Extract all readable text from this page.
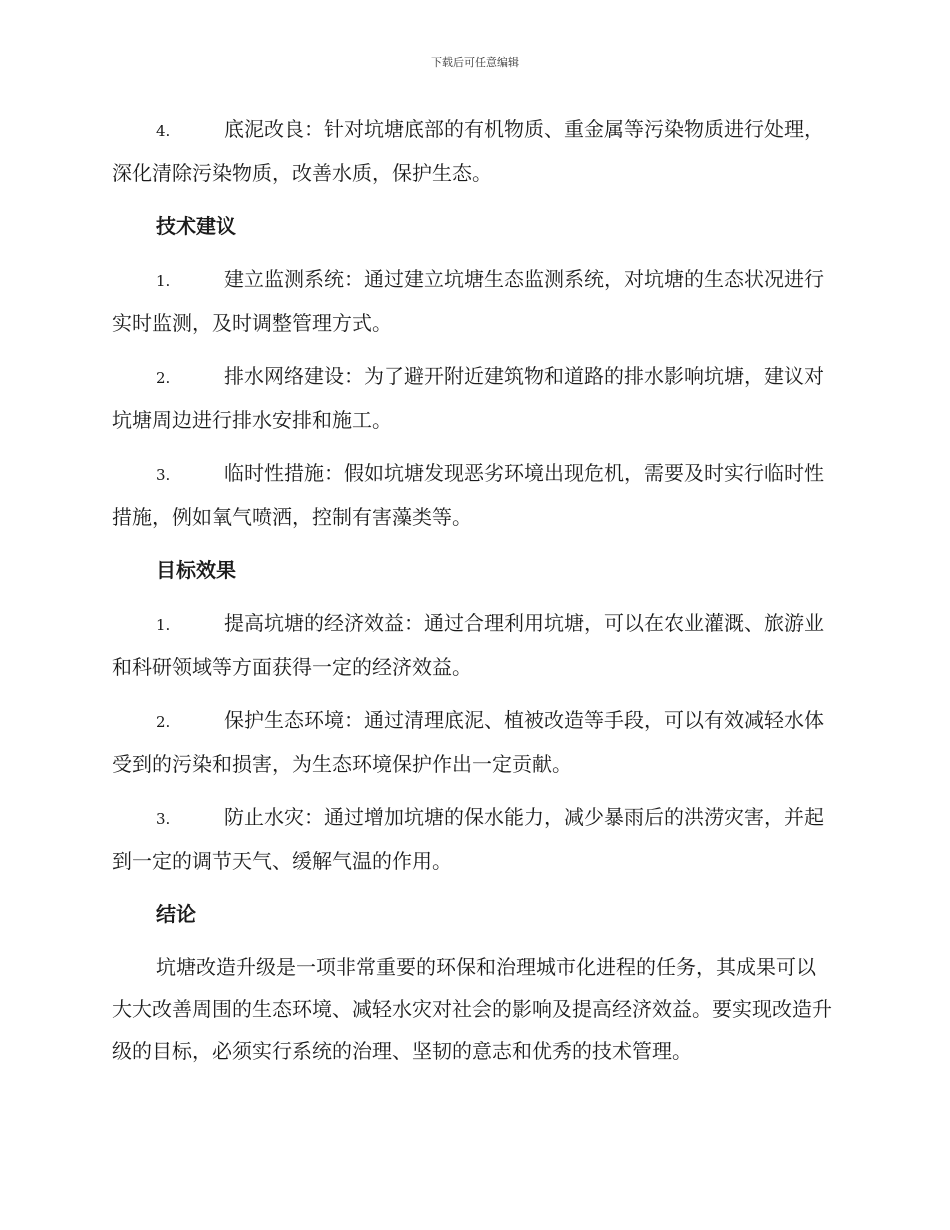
下载后可任意编辑
4.	底泥改良：针对坑塘底部的有机物质、重金属等污染物质进行处理，深化清除污染物质，改善水质，保护生态。
技术建议
1.	建立监测系统：通过建立坑塘生态监测系统，对坑塘的生态状况进行实时监测，及时调整管理方式。
2.	排水网络建设：为了避开附近建筑物和道路的排水影响坑塘，建议对坑塘周边进行排水安排和施工。
3.	临时性措施：假如坑塘发现恶劣环境出现危机，需要及时实行临时性措施，例如氧气喷洒，控制有害藻类等。
目标效果
1.	提高坑塘的经济效益：通过合理利用坑塘，可以在农业灌溉、旅游业和科研领域等方面获得一定的经济效益。
2.	保护生态环境：通过清理底泥、植被改造等手段，可以有效减轻水体受到的污染和损害，为生态环境保护作出一定贡献。
3.	防止水灾：通过增加坑塘的保水能力，减少暴雨后的洪涝灾害，并起到一定的调节天气、缓解气温的作用。
结论

坑塘改造升级是一项非常重要的环保和治理城市化进程的任务，其成果可以大大改善周围的生态环境、减轻水灾对社会的影响及提高经济效益。要实现改造升级的目标，必须实行系统的治理、坚韧的意志和优秀的技术管理。
